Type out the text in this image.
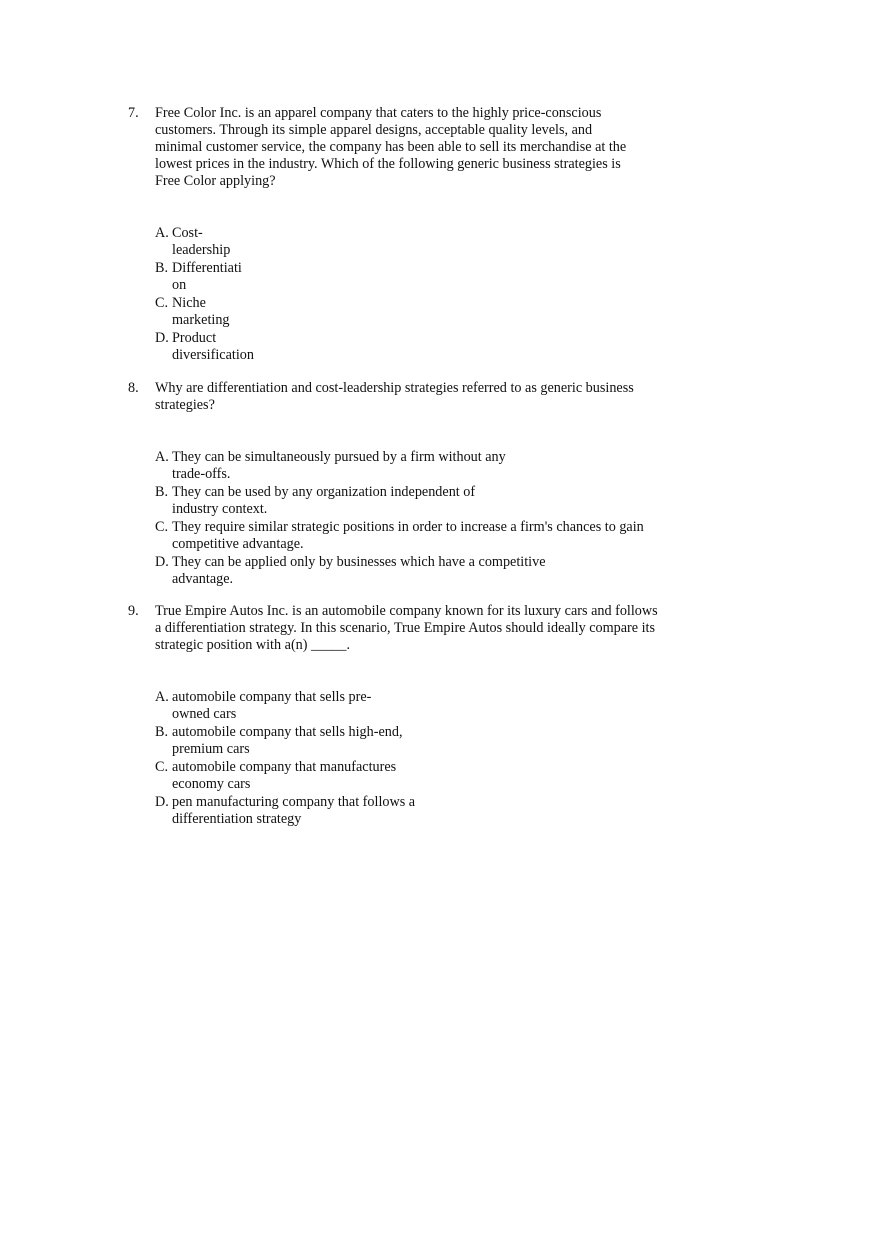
7. Free Color Inc. is an apparel company that caters to the highly price-conscious customers. Through its simple apparel designs, acceptable quality levels, and minimal customer service, the company has been able to sell its merchandise at the lowest prices in the industry. Which of the following generic business strategies is Free Color applying?
A. Cost-leadership
B. Differentiation
C. Niche marketing
D. Product diversification
8. Why are differentiation and cost-leadership strategies referred to as generic business strategies?
A. They can be simultaneously pursued by a firm without any trade-offs.
B. They can be used by any organization independent of industry context.
C. They require similar strategic positions in order to increase a firm's chances to gain competitive advantage.
D. They can be applied only by businesses which have a competitive advantage.
9. True Empire Autos Inc. is an automobile company known for its luxury cars and follows a differentiation strategy. In this scenario, True Empire Autos should ideally compare its strategic position with a(n) _____.
A. automobile company that sells pre-owned cars
B. automobile company that sells high-end, premium cars
C. automobile company that manufactures economy cars
D. pen manufacturing company that follows a differentiation strategy
